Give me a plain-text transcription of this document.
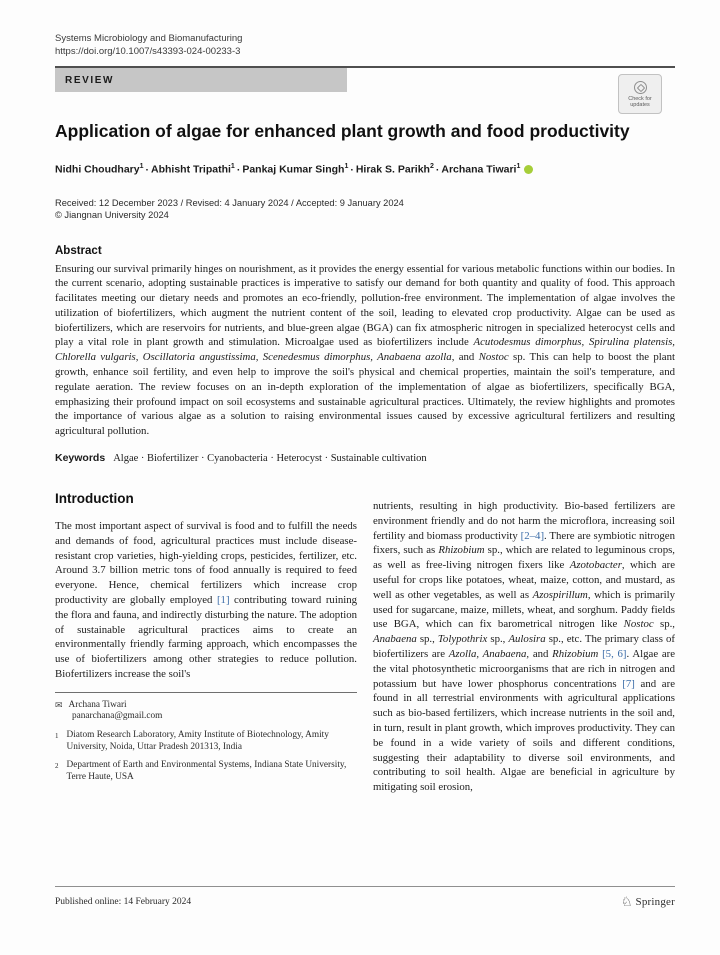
Systems Microbiology and Biomanufacturing
https://doi.org/10.1007/s43393-024-00233-3
REVIEW
Check for updates
Application of algae for enhanced plant growth and food productivity
Nidhi Choudhary$^1$ · Abhisht Tripathi$^1$ · Pankaj Kumar Singh$^1$ · Hirak S. Parikh$^2$ · Archana Tiwari$^1$
Received: 12 December 2023 / Revised: 4 January 2024 / Accepted: 9 January 2024
© Jiangnan University 2024
Abstract
Ensuring our survival primarily hinges on nourishment, as it provides the energy essential for various metabolic functions within our bodies. In the current scenario, adopting sustainable practices is imperative to satisfy our demand for both quantity and quality of food. This approach facilitates meeting our dietary needs and promotes an eco-friendly, pollution-free environment. The implementation of algae involves the utilization of biofertilizers, which augment the nutrient content of the soil, leading to elevated crop productivity. Algae can be used as biofertilizers, which are reservoirs for nutrients, and blue-green algae (BGA) can fix atmospheric nitrogen in specialized heterocyst cells and play a vital role in plant growth and stimulation. Microalgae used as biofertilizers include Acutodesmus dimorphus, Spirulina platensis, Chlorella vulgaris, Oscillatoria angustissima, Scenedesmus dimorphus, Anabaena azolla, and Nostoc sp. This can help to boost the plant growth, enhance soil fertility, and even help to improve the soil's physical and chemical properties, maintain the soil's temperature, and regulate aeration. The review focuses on an in-depth exploration of the implementation of algae as biofertilizers, specifically BGA, emphasizing their profound impact on soil ecosystems and sustainable agricultural practices. Ultimately, the review highlights and promotes the importance of various algae as a solution to raising environmental issues caused by excessive agricultural fertilizers and resulting agricultural pollution.
Keywords Algae · Biofertilizer · Cyanobacteria · Heterocyst · Sustainable cultivation
Introduction
The most important aspect of survival is food and to fulfill the needs and demands of food, agricultural practices must include disease-resistant crop varieties, high-yielding crops, pesticides, fertilizer, etc. Around 3.7 billion metric tons of food annually is required to feed everyone. Hence, chemical fertilizers which increase crop productivity are globally employed [1] contributing toward ruining the flora and fauna, and indirectly disturbing the nature. The adoption of sustainable agricultural practices aims to create an environmentally friendly farming approach, which encompasses the use of biofertilizers among other strategies to reduce pollution. Biofertilizers increase the soil's
✉ Archana Tiwari
panarchana@gmail.com
1 Diatom Research Laboratory, Amity Institute of Biotechnology, Amity University, Noida, Uttar Pradesh 201313, India
2 Department of Earth and Environmental Systems, Indiana State University, Terre Haute, USA
nutrients, resulting in high productivity. Bio-based fertilizers are environment friendly and do not harm the microflora, increasing soil fertility and biomass productivity [2–4]. There are symbiotic nitrogen fixers, such as Rhizobium sp., which are related to leguminous crops, as well as free-living nitrogen fixers like Azotobacter, which are useful for crops like potatoes, wheat, maize, cotton, and mustard, as well as other vegetables, as well as Azospirillum, which is primarily used for sugarcane, maize, millets, wheat, and sorghum. Paddy fields use BGA, which can fix barometrical nitrogen like Nostoc sp., Anabaena sp., Tolypothrix sp., Aulosira sp., etc. The primary class of biofertilizers are Azolla, Anabaena, and Rhizobium [5, 6]. Algae are the vital photosynthetic microorganisms that are rich in nitrogen and potassium but have lower phosphorus concentrations [7] and are found in all terrestrial environments with agricultural applications such as bio-based fertilizers, which increase nutrients in the soil and, in turn, result in plant growth, which improves productivity. They can be found in a wide variety of soils and different conditions, suggesting their adaptability to diverse soil environments, and contributing to soil health. Algae are beneficial in agriculture by mitigating soil erosion,
Published online: 14 February 2024	♘ Springer
